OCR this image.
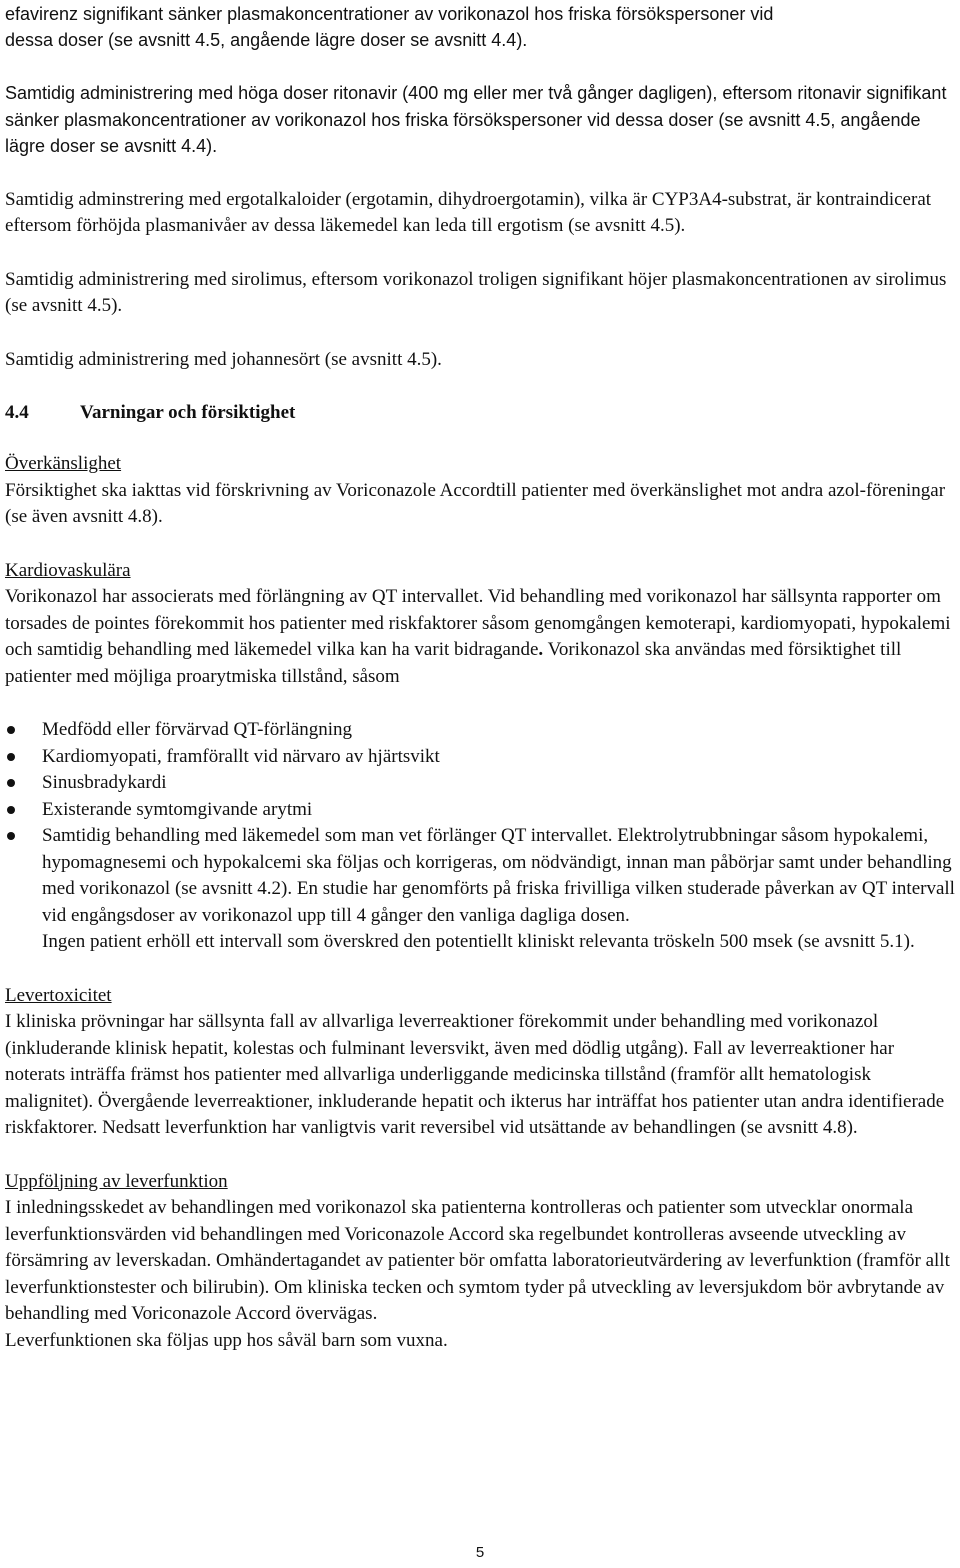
efavirenz signifikant sänker plasmakoncentrationer av vorikonazol hos friska försökspersoner vid
dessa doser (se avsnitt 4.5, angående lägre doser se avsnitt 4.4).

Samtidig administrering med höga doser ritonavir (400 mg eller mer två gånger dagligen), eftersom ritonavir signifikant sänker plasmakoncentrationer av vorikonazol hos friska försökspersoner vid dessa doser (se avsnitt 4.5, angående lägre doser se avsnitt 4.4).

Samtidig adminstrering med ergotalkaloider (ergotamin, dihydroergotamin), vilka är CYP3A4-substrat, är kontraindicerat eftersom förhöjda plasmanivåer av dessa läkemedel kan leda till ergotism (se avsnitt 4.5).

Samtidig administrering med sirolimus, eftersom vorikonazol troligen signifikant höjer plasmakoncentrationen av sirolimus (se avsnitt 4.5).

Samtidig administrering med johannesört (se avsnitt 4.5).

4.4	Varningar och försiktighet

Överkänslighet

Försiktighet ska iakttas vid förskrivning av Voriconazole Accordtill patienter med överkänslighet mot andra azol-föreningar (se även avsnitt 4.8).

Kardiovaskulära

Vorikonazol har associerats med förlängning av QT intervallet. Vid behandling med vorikonazol har sällsynta rapporter om torsades de pointes förekommit hos patienter med riskfaktorer såsom genomgången kemoterapi, kardiomyopati, hypokalemi och samtidig behandling med läkemedel vilka kan ha varit bidragande. Vorikonazol ska användas med försiktighet till patienter med möjliga proarytmiska tillstånd, såsom

Medfödd eller förvärvad QT-förlängning
Kardiomyopati, framförallt vid närvaro av hjärtsvikt
Sinusbradykardi
Existerande symtomgivande arytmi
Samtidig behandling med läkemedel som man vet förlänger QT intervallet. Elektrolytrubbningar såsom hypokalemi, hypomagnesemi och hypokalcemi ska följas och korrigeras, om nödvändigt, innan man påbörjar samt under behandling med vorikonazol (se avsnitt 4.2). En studie har genomförts på friska frivilliga vilken studerade påverkan av QT intervall vid engångsdoser av vorikonazol upp till 4 gånger den vanliga dagliga dosen.
Ingen patient erhöll ett intervall som överskred den potentiellt kliniskt relevanta tröskeln 500 msek (se avsnitt 5.1).

Levertoxicitet

I kliniska prövningar har sällsynta fall av allvarliga leverreaktioner förekommit under behandling med vorikonazol (inkluderande klinisk hepatit, kolestas och fulminant leversvikt, även med dödlig utgång). Fall av leverreaktioner har noterats inträffa främst hos patienter med allvarliga underliggande medicinska tillstånd (framför allt hematologisk malignitet). Övergående leverreaktioner, inkluderande hepatit och ikterus har inträffat hos patienter utan andra identifierade riskfaktorer. Nedsatt leverfunktion har vanligtvis varit reversibel vid utsättande av behandlingen (se avsnitt 4.8).

Uppföljning av leverfunktion

I inledningsskedet av behandlingen med vorikonazol ska patienterna kontrolleras och patienter som utvecklar onormala leverfunktionsvärden vid behandlingen med Voriconazole Accord ska regelbundet kontrolleras avseende utveckling av försämring av leverskadan. Omhändertagandet av patienter bör omfatta laboratorieutvärdering av leverfunktion (framför allt leverfunktionstester och bilirubin). Om kliniska tecken och symtom tyder på utveckling av leversjukdom bör avbrytande av behandling med Voriconazole Accord övervägas.

Leverfunktionen ska följas upp hos såväl barn som vuxna.

5
